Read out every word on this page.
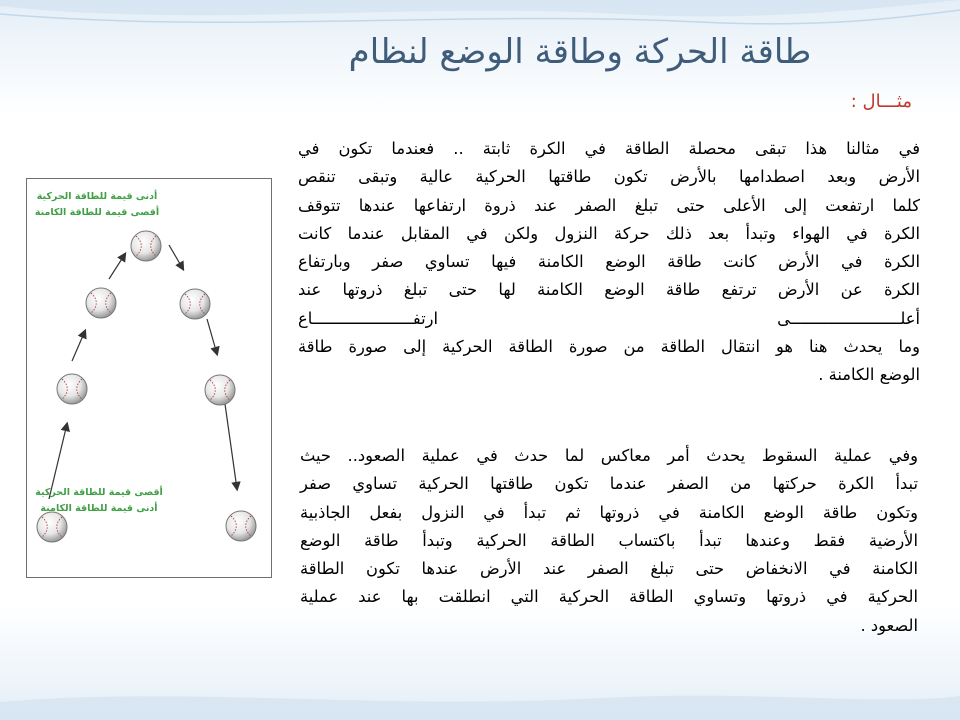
طاقة الحركة وطاقة الوضع لنظام
مثـــال :
في مثالنا هذا تبقى محصلة الطاقة في الكرة ثابتة .. فعندما تكون في
الأرض وبعد اصطدامها بالأرض تكون طاقتها الحركية عالية وتبقى تنقص
كلما ارتفعت إلى الأعلى حتى تبلغ الصفر عند ذروة ارتفاعها عندها تتوقف
الكرة في الهواء وتبدأ بعد ذلك حركة النزول ولكن في المقابل عندما كانت
الكرة في الأرض كانت طاقة الوضع الكامنة فيها تساوي صفر وبارتفاع
الكرة عن الأرض ترتفع طاقة الوضع الكامنة لها حتى تبلغ ذروتها عند
أعلـــــــــــــــــــــــى ارتفـــــــــــــــــــــاع
وما يحدث هنا هو انتقال الطاقة من صورة الطاقة الحركية إلى صورة طاقة
الوضع الكامنة .
وفي عملية السقوط يحدث أمر معاكس لما حدث في عملية الصعود.. حيث
تبدأ الكرة حركتها من الصفر عندما تكون طاقتها الحركية تساوي صفر
وتكون طاقة الوضع الكامنة في ذروتها ثم تبدأ في النزول بفعل الجاذبية
الأرضية فقط وعندها تبدأ باكتساب الطاقة الحركية وتبدأ طاقة الوضع
الكامنة في الانخفاض حتى تبلغ الصفر عند الأرض عندها تكون الطاقة
الحركية في ذروتها وتساوي الطاقة الحركية التي انطلقت بها عند عملية
الصعود .
أدنى قيمة للطاقة الحركية
أقصى قيمة للطاقة الكامنة
أقصى قيمة للطاقة الحركية
أدنى قيمة للطاقة الكامنة
